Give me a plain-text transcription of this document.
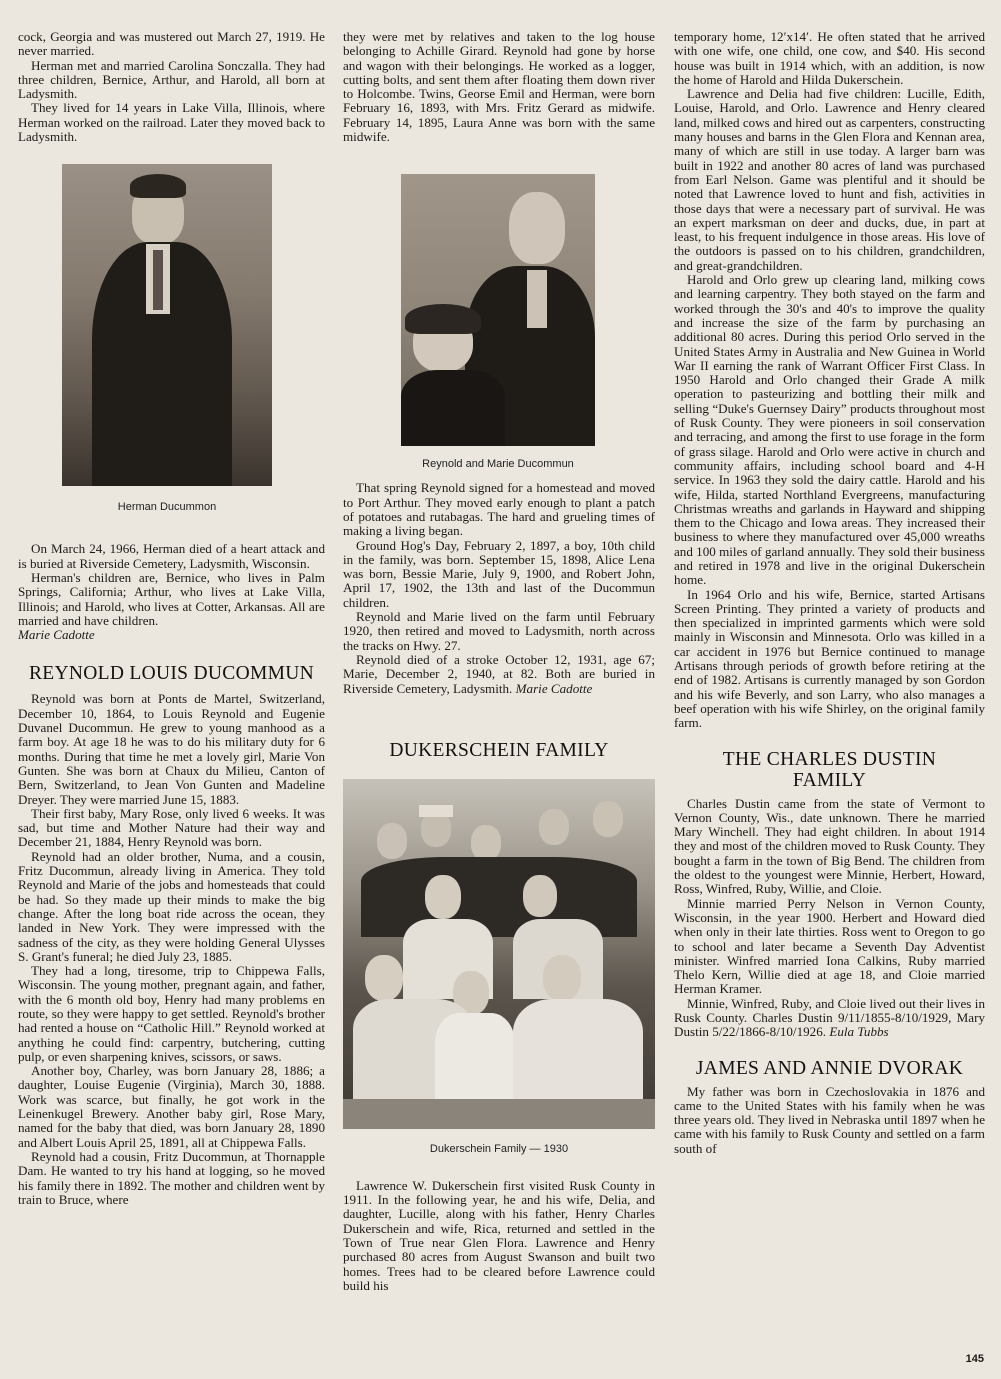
cock, Georgia and was mustered out March 27, 1919. He never married.

Herman met and married Carolina Sonczalla. They had three children, Bernice, Arthur, and Harold, all born at Ladysmith.

They lived for 14 years in Lake Villa, Illinois, where Herman worked on the railroad. Later they moved back to Ladysmith.

Herman Ducummon

On March 24, 1966, Herman died of a heart attack and is buried at Riverside Cemetery, Ladysmith, Wisconsin.

Herman's children are, Bernice, who lives in Palm Springs, California; Arthur, who lives at Lake Villa, Illinois; and Harold, who lives at Cotter, Arkansas. All are married and have children.
Marie Cadotte

REYNOLD LOUIS DUCOMMUN

Reynold was born at Ponts de Martel, Switzerland, December 10, 1864, to Louis Reynold and Eugenie Duvanel Ducommun. He grew to young manhood as a farm boy. At age 18 he was to do his military duty for 6 months. During that time he met a lovely girl, Marie Von Gunten. She was born at Chaux du Milieu, Canton of Bern, Switzerland, to Jean Von Gunten and Madeline Dreyer. They were married June 15, 1883.

Their first baby, Mary Rose, only lived 6 weeks. It was sad, but time and Mother Nature had their way and December 21, 1884, Henry Reynold was born.

Reynold had an older brother, Numa, and a cousin, Fritz Ducommun, already living in America. They told Reynold and Marie of the jobs and homesteads that could be had. So they made up their minds to make the big change. After the long boat ride across the ocean, they landed in New York. They were impressed with the sadness of the city, as they were holding General Ulysses S. Grant's funeral; he died July 23, 1885.

They had a long, tiresome, trip to Chippewa Falls, Wisconsin. The young mother, pregnant again, and father, with the 6 month old boy, Henry had many problems en route, so they were happy to get settled. Reynold's brother had rented a house on “Catholic Hill.” Reynold worked at anything he could find: carpentry, butchering, cutting pulp, or even sharpening knives, scissors, or saws.

Another boy, Charley, was born January 28, 1886; a daughter, Louise Eugenie (Virginia), March 30, 1888. Work was scarce, but finally, he got work in the Leinenkugel Brewery. Another baby girl, Rose Mary, named for the baby that died, was born January 28, 1890 and Albert Louis April 25, 1891, all at Chippewa Falls.

Reynold had a cousin, Fritz Ducommun, at Thornapple Dam. He wanted to try his hand at logging, so he moved his family there in 1892. The mother and children went by train to Bruce, where

they were met by relatives and taken to the log house belonging to Achille Girard. Reynold had gone by horse and wagon with their belongings. He worked as a logger, cutting bolts, and sent them after floating them down river to Holcombe. Twins, Georse Emil and Herman, were born February 16, 1893, with Mrs. Fritz Gerard as midwife. February 14, 1895, Laura Anne was born with the same midwife.

Reynold and Marie Ducommun

That spring Reynold signed for a homestead and moved to Port Arthur. They moved early enough to plant a patch of potatoes and rutabagas. The hard and grueling times of making a living began.

Ground Hog's Day, February 2, 1897, a boy, 10th child in the family, was born. September 15, 1898, Alice Lena was born, Bessie Marie, July 9, 1900, and Robert John, April 17, 1902, the 13th and last of the Ducommun children.

Reynold and Marie lived on the farm until February 1920, then retired and moved to Ladysmith, north across the tracks on Hwy. 27.

Reynold died of a stroke October 12, 1931, age 67; Marie, December 2, 1940, at 82. Both are buried in Riverside Cemetery, Ladysmith. Marie Cadotte

DUKERSCHEIN FAMILY
Dukerschein Family — 1930

Lawrence W. Dukerschein first visited Rusk County in 1911. In the following year, he and his wife, Delia, and daughter, Lucille, along with his father, Henry Charles Dukerschein and wife, Rica, returned and settled in the Town of True near Glen Flora. Lawrence and Henry purchased 80 acres from August Swanson and built two homes. Trees had to be cleared before Lawrence could build his

temporary home, 12′x14′. He often stated that he arrived with one wife, one child, one cow, and $40. His second house was built in 1914 which, with an addition, is now the home of Harold and Hilda Dukerschein.

Lawrence and Delia had five children: Lucille, Edith, Louise, Harold, and Orlo. Lawrence and Henry cleared land, milked cows and hired out as carpenters, constructing many houses and barns in the Glen Flora and Kennan area, many of which are still in use today. A larger barn was built in 1922 and another 80 acres of land was purchased from Earl Nelson. Game was plentiful and it should be noted that Lawrence loved to hunt and fish, activities in those days that were a necessary part of survival. He was an expert marksman on deer and ducks, due, in part at least, to his frequent indulgence in those areas. His love of the outdoors is passed on to his children, grandchildren, and great-grandchildren.

Harold and Orlo grew up clearing land, milking cows and learning carpentry. They both stayed on the farm and worked through the 30's and 40's to improve the quality and increase the size of the farm by purchasing an additional 80 acres. During this period Orlo served in the United States Army in Australia and New Guinea in World War II earning the rank of Warrant Officer First Class. In 1950 Harold and Orlo changed their Grade A milk operation to pasteurizing and bottling their milk and selling “Duke's Guernsey Dairy” products throughout most of Rusk County. They were pioneers in soil conservation and terracing, and among the first to use forage in the form of grass silage. Harold and Orlo were active in church and community affairs, including school board and 4-H service. In 1963 they sold the dairy cattle. Harold and his wife, Hilda, started Northland Evergreens, manufacturing Christmas wreaths and garlands in Hayward and shipping them to the Chicago and Iowa areas. They increased their business to where they manufactured over 45,000 wreaths and 100 miles of garland annually. They sold their business and retired in 1978 and live in the original Dukerschein home.

In 1964 Orlo and his wife, Bernice, started Artisans Screen Printing. They printed a variety of products and then specialized in imprinted garments which were sold mainly in Wisconsin and Minnesota. Orlo was killed in a car accident in 1976 but Bernice continued to manage Artisans through periods of growth before retiring at the end of 1982. Artisans is currently managed by son Gordon and his wife Beverly, and son Larry, who also manages a beef operation with his wife Shirley, on the original family farm.

THE CHARLES DUSTIN FAMILY

Charles Dustin came from the state of Vermont to Vernon County, Wis., date unknown. There he married Mary Winchell. They had eight children. In about 1914 they and most of the children moved to Rusk County. They bought a farm in the town of Big Bend. The children from the oldest to the youngest were Minnie, Herbert, Howard, Ross, Winfred, Ruby, Willie, and Cloie.

Minnie married Perry Nelson in Vernon County, Wisconsin, in the year 1900. Herbert and Howard died when only in their late thirties. Ross went to Oregon to go to school and later became a Seventh Day Adventist minister. Winfred married Iona Calkins, Ruby married Thelo Kern, Willie died at age 18, and Cloie married Herman Kramer.

Minnie, Winfred, Ruby, and Cloie lived out their lives in Rusk County. Charles Dustin 9/11/1855-8/10/1929, Mary Dustin 5/22/1866-8/10/1926. Eula Tubbs

JAMES AND ANNIE DVORAK

My father was born in Czechoslovakia in 1876 and came to the United States with his family when he was three years old. They lived in Nebraska until 1897 when he came with his family to Rusk County and settled on a farm south of

145
